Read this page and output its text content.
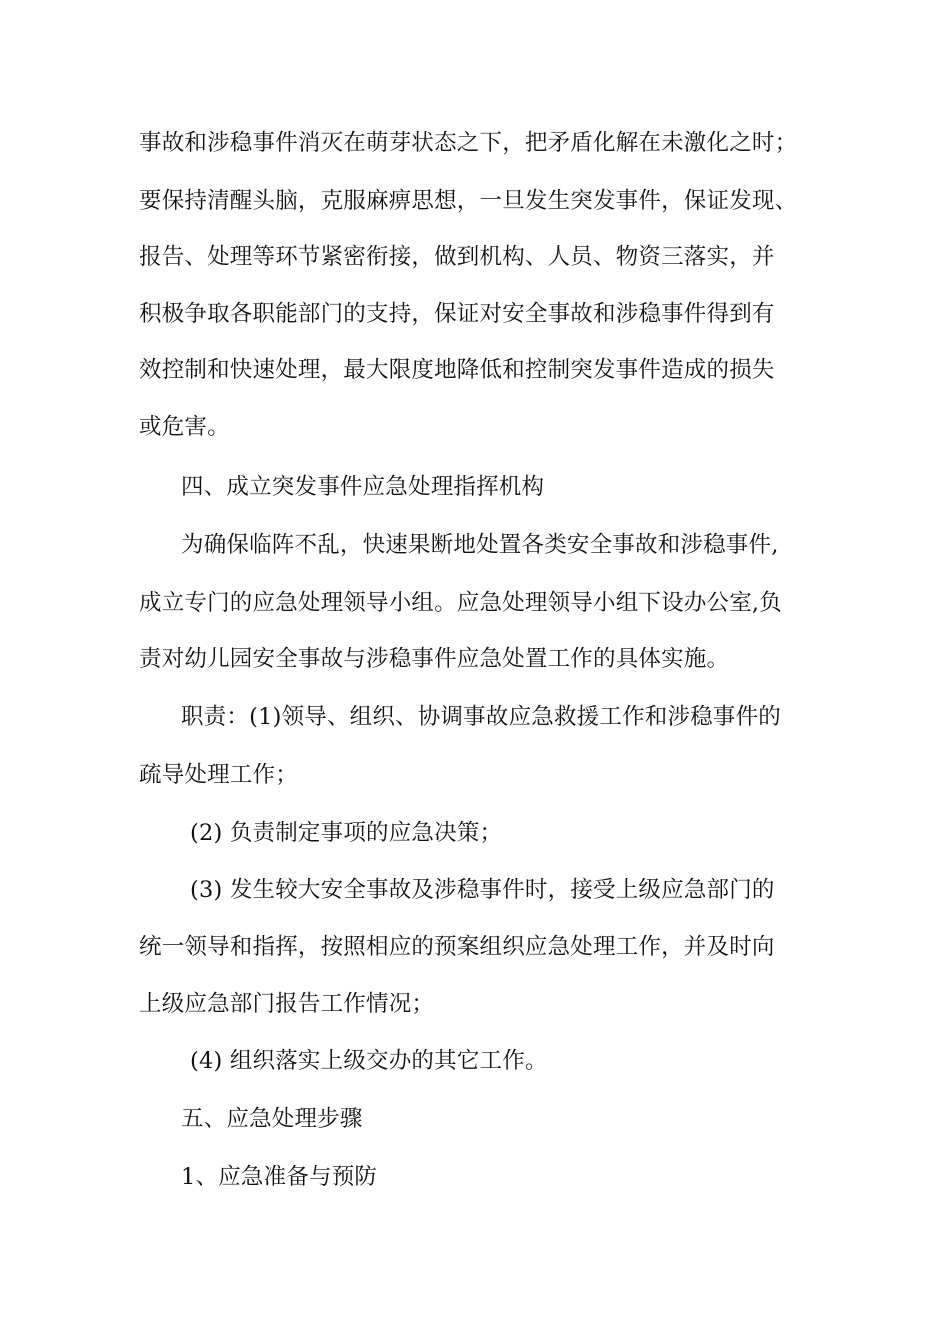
事故和涉稳事件消灭在萌芽状态之下，把矛盾化解在未激化之时；
要保持清醒头脑，克服麻痹思想，一旦发生突发事件，保证发现、
报告、处理等环节紧密衔接，做到机构、人员、物资三落实，并
积极争取各职能部门的支持，保证对安全事故和涉稳事件得到有
效控制和快速处理，最大限度地降低和控制突发事件造成的损失
或危害。
四、成立突发事件应急处理指挥机构
为确保临阵不乱，快速果断地处置各类安全事故和涉稳事件,
成立专门的应急处理领导小组。应急处理领导小组下设办公室,负
责对幼儿园安全事故与涉稳事件应急处置工作的具体实施。
职责：(1)领导、组织、协调事故应急救援工作和涉稳事件的
疏导处理工作；
(2) 负责制定事项的应急决策；
(3) 发生较大安全事故及涉稳事件时，接受上级应急部门的
统一领导和指挥，按照相应的预案组织应急处理工作，并及时向
上级应急部门报告工作情况；
(4) 组织落实上级交办的其它工作。
五、应急处理步骤
1、应急准备与预防
